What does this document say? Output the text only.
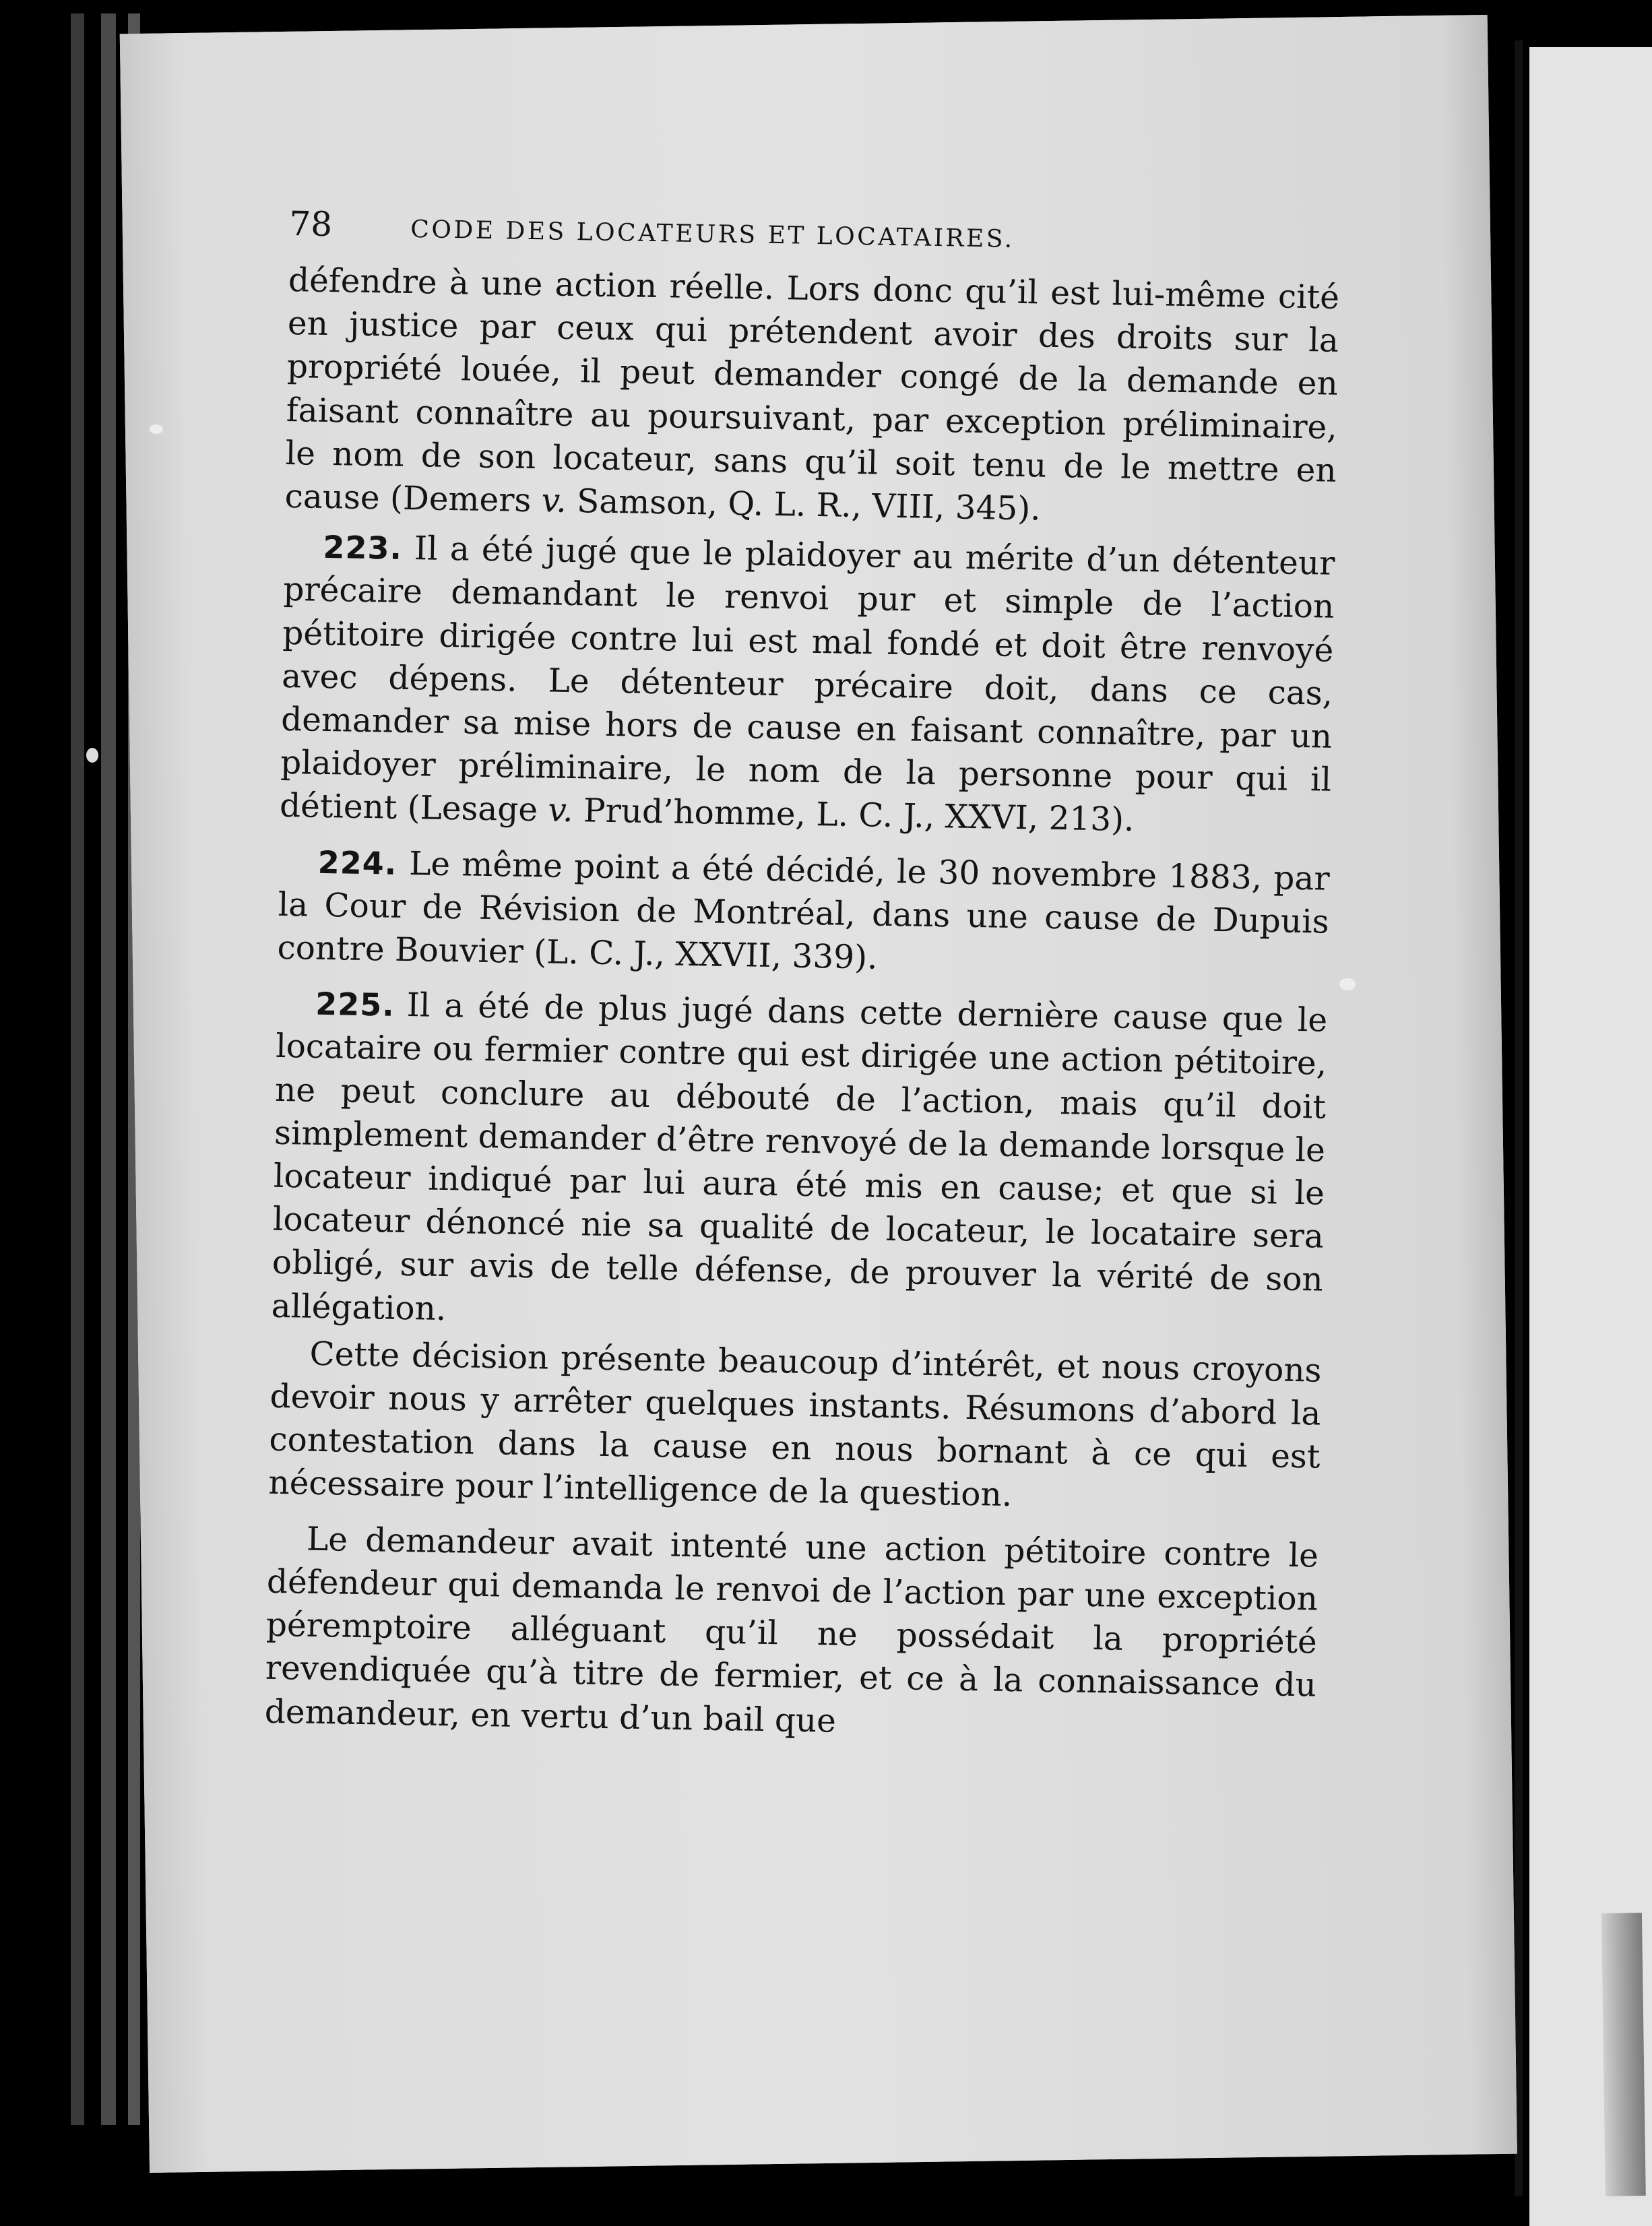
78	CODE DES LOCATEURS ET LOCATAIRES.

défendre à une action réelle. Lors donc qu’il est lui-même cité en justice par ceux qui prétendent avoir des droits sur la propriété louée, il peut demander congé de la demande en faisant connaître au poursuivant, par exception préliminaire, le nom de son locateur, sans qu’il soit tenu de le mettre en cause (Demers v. Samson, Q. L. R., VIII, 345).

223. Il a été jugé que le plaidoyer au mérite d’un détenteur précaire demandant le renvoi pur et simple de l’action pétitoire dirigée contre lui est mal fondé et doit être renvoyé avec dépens. Le détenteur précaire doit, dans ce cas, demander sa mise hors de cause en faisant connaître, par un plaidoyer préliminaire, le nom de la personne pour qui il détient (Lesage v. Prud’homme, L. C. J., XXVI, 213).

224. Le même point a été décidé, le 30 novembre 1883, par la Cour de Révision de Montréal, dans une cause de Dupuis contre Bouvier (L. C. J., XXVII, 339).

225. Il a été de plus jugé dans cette dernière cause que le locataire ou fermier contre qui est dirigée une action pétitoire, ne peut conclure au débouté de l’action, mais qu’il doit simplement demander d’être renvoyé de la demande lorsque le locateur indiqué par lui aura été mis en cause; et que si le locateur dénoncé nie sa qualité de locateur, le locataire sera obligé, sur avis de telle défense, de prouver la vérité de son allégation.

Cette décision présente beaucoup d’intérêt, et nous croyons devoir nous y arrêter quelques instants. Résumons d’abord la contestation dans la cause en nous bornant à ce qui est nécessaire pour l’intelligence de la question.

Le demandeur avait intenté une action pétitoire contre le défendeur qui demanda le renvoi de l’action par une exception péremptoire alléguant qu’il ne possédait la propriété revendiquée qu’à titre de fermier, et ce à la connaissance du demandeur, en vertu d’un bail que
